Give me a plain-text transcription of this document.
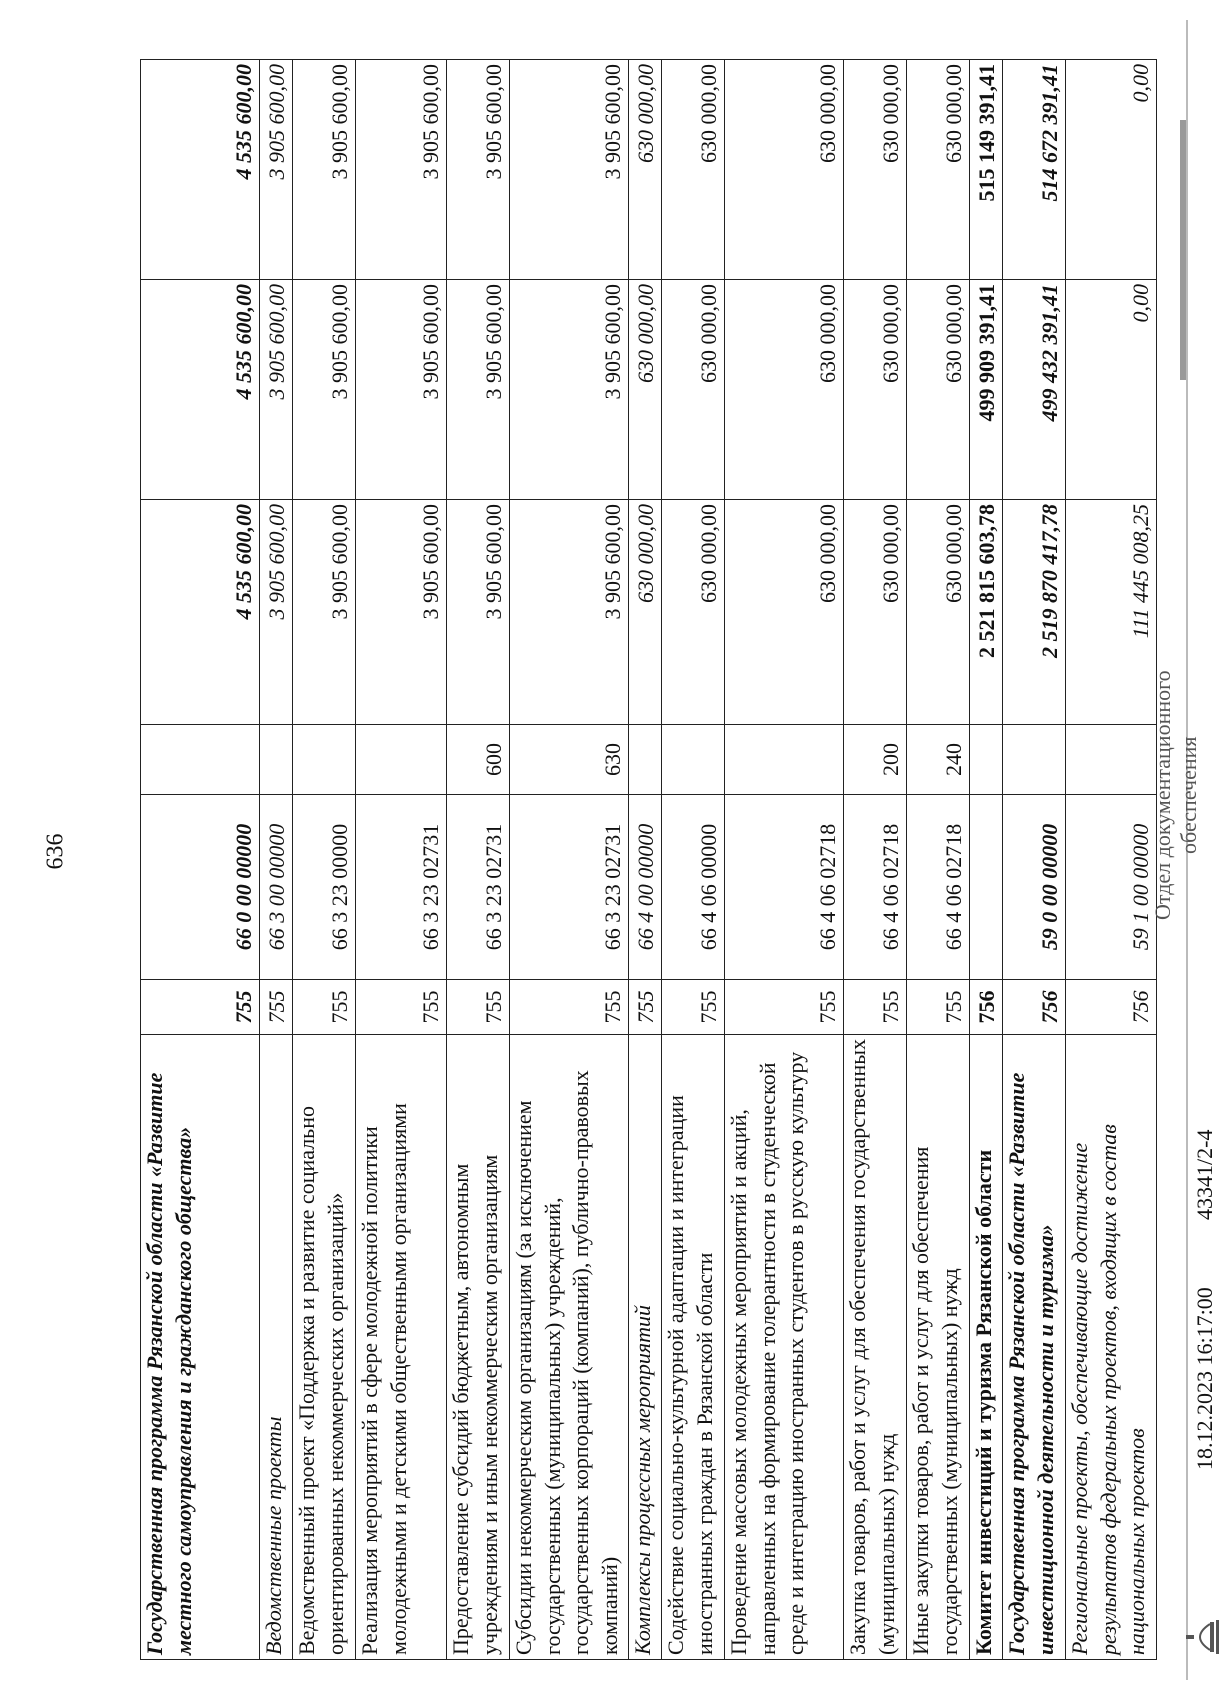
636
Государственная программа Рязанской области «Развитие местного самоуправления и гражданского общества»	755	66 0 00 00000		4 535 600,00	4 535 600,00	4 535 600,00
Ведомственные проекты	755	66 3 00 00000		3 905 600,00	3 905 600,00	3 905 600,00
Ведомственный проект «Поддержка и развитие социально ориентированных некоммерческих организаций»	755	66 3 23 00000		3 905 600,00	3 905 600,00	3 905 600,00
Реализация мероприятий в сфере молодежной политики молодежными и детскими общественными организациями	755	66 3 23 02731		3 905 600,00	3 905 600,00	3 905 600,00
Предоставление субсидий бюджетным, автономным учреждениям и иным некоммерческим организациям	755	66 3 23 02731	600	3 905 600,00	3 905 600,00	3 905 600,00
Субсидии некоммерческим организациям (за исключением государственных (муниципальных) учреждений, государственных корпораций (компаний), публично-правовых компаний)	755	66 3 23 02731	630	3 905 600,00	3 905 600,00	3 905 600,00
Комплексы процессных мероприятий	755	66 4 00 00000		630 000,00	630 000,00	630 000,00
Содействие социально-культурной адаптации и интеграции иностранных граждан в Рязанской области	755	66 4 06 00000		630 000,00	630 000,00	630 000,00
Проведение массовых молодежных мероприятий и акций, направленных на формирование толерантности в студенческой среде и интеграцию иностранных студентов в русскую культуру	755	66 4 06 02718		630 000,00	630 000,00	630 000,00
Закупка товаров, работ и услуг для обеспечения государственных (муниципальных) нужд	755	66 4 06 02718	200	630 000,00	630 000,00	630 000,00
Иные закупки товаров, работ и услуг для обеспечения государственных (муниципальных) нужд	755	66 4 06 02718	240	630 000,00	630 000,00	630 000,00
Комитет инвестиций и туризма Рязанской области	756			2 521 815 603,78	499 909 391,41	515 149 391,41
Государственная программа Рязанской области «Развитие инвестиционной деятельности и туризма»	756	59 0 00 00000		2 519 870 417,78	499 432 391,41	514 672 391,41
Региональные проекты, обеспечивающие достижение результатов федеральных проектов, входящих в состав национальных проектов	756	59 1 00 00000		111 445 008,25	0,00	0,00
18.12.2023 16:17:00
43341/2-4
Отдел документационного обеспечения
